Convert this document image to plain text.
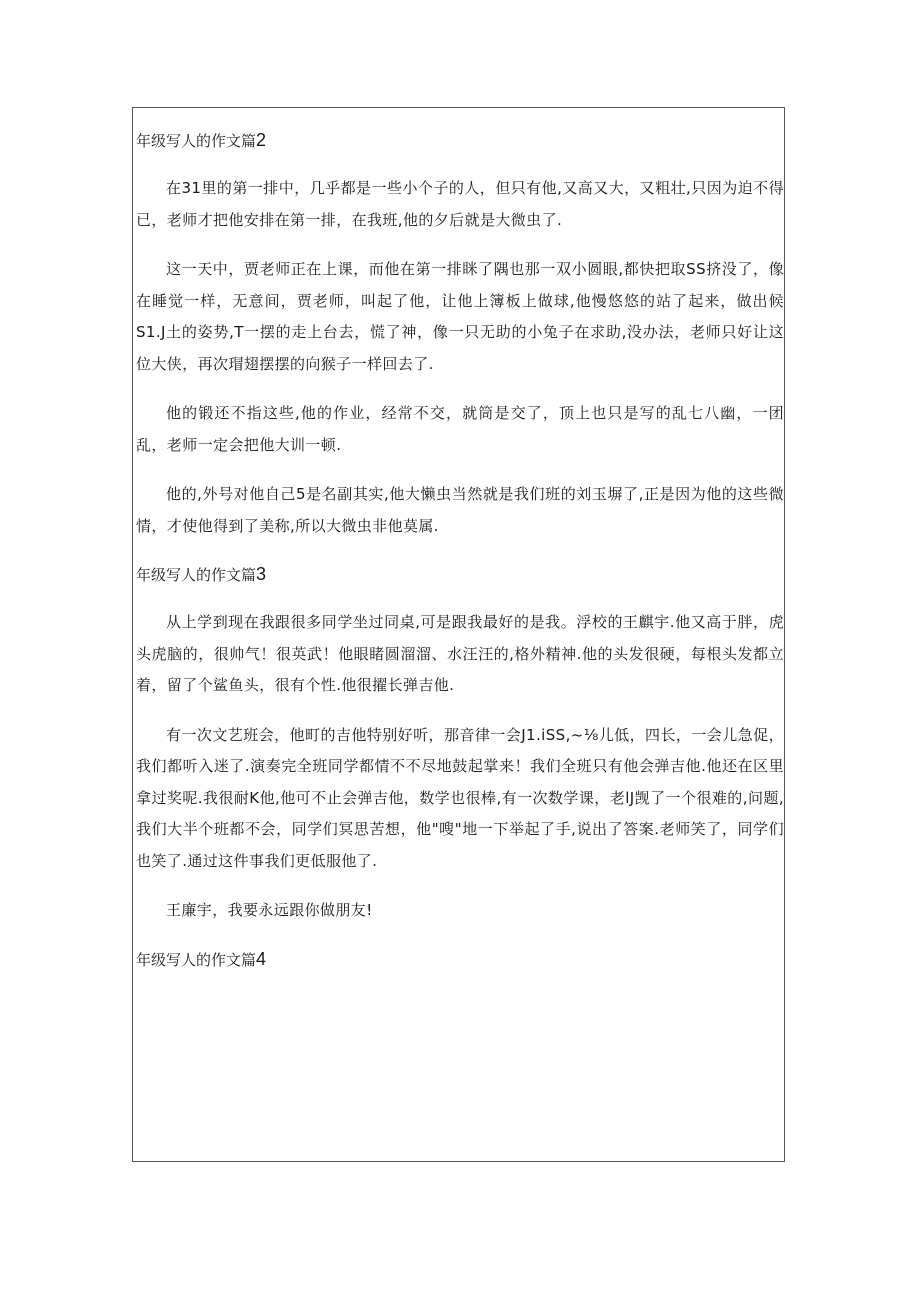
年级写人的作文篇2

在31里的第一排中，几乎都是一些小个子的人，但只有他,又高又大，又粗壮,只因为迫不得已，老师才把他安排在第一排，在我班,他的夕后就是大微虫了.

这一天中，贾老师正在上课，而他在第一排眯了隅也那一双小圆眼,都快把取SS挤没了，像在睡觉一样，无意间，贾老师，叫起了他，让他上簿板上做球,他慢悠悠的站了起来，做出候S1.J土的姿势,T一摆的走上台去，慌了神，像一只无助的小兔子在求助,没办法，老师只好让这位大侠，再次瑁翅摆摆的向猴子一样回去了.

他的锻还不指这些,他的作业，经常不交，就筒是交了，顶上也只是写的乱七八幽，一团乱，老师一定会把他大训一顿.

他的,外号对他自己5是名副其实,他大懒虫当然就是我们班的刘玉塀了,正是因为他的这些微情，才使他得到了美称,所以大微虫非他莫属.

年级写人的作文篇3

从上学到现在我跟很多同学坐过同桌,可是跟我最好的是我。浮校的王麒宇.他又高于胖，虎头虎脑的，很帅气！很英武！他眼睹圆溜溜、水汪汪的,格外精神.他的头发很硬，每根头发都立着，留了个鲨鱼头，很有个性.他很擢长弹吉他.

有一次文艺班会，他町的吉他特别好听，那音律一会J1.iSS,~⅛儿低，四长，一会儿急促，我们都听入迷了.演奏完全班同学都情不不尽地鼓起掌来！我们全班只有他会弹吉他.他还在区里拿过奖呢.我很耐K他,他可不止会弹吉他，数学也很棒,有一次数学课，老lJ觊了一个很难的,问题,我们大半个班都不会，同学们冥思苦想，他"嗖"地一下举起了手,说出了答案.老师笑了，同学们也笑了.通过这件事我们更低服他了.

王廉宇，我要永远跟你做朋友!

年级写人的作文篇4
